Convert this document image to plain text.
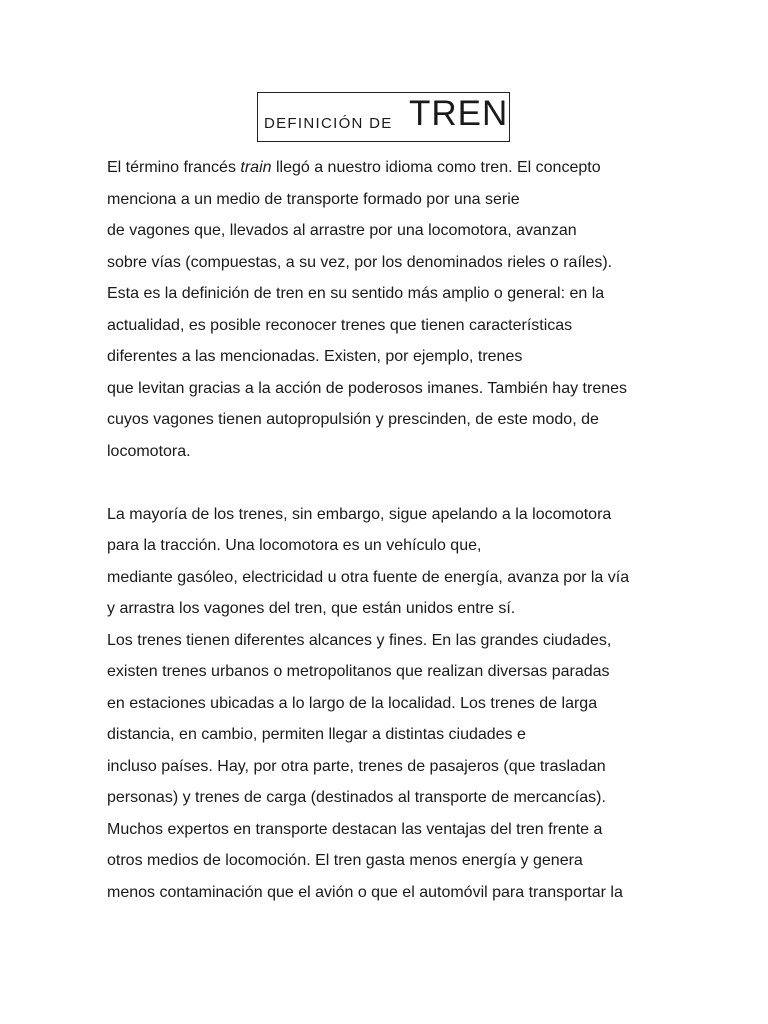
DEFINICIÓN DE TREN
El término francés train llegó a nuestro idioma como tren. El concepto
menciona a un medio de transporte formado por una serie
de vagones que, llevados al arrastre por una locomotora, avanzan
sobre vías (compuestas, a su vez, por los denominados rieles o raíles).
Esta es la definición de tren en su sentido más amplio o general: en la
actualidad, es posible reconocer trenes que tienen características
diferentes a las mencionadas. Existen, por ejemplo, trenes
que levitan gracias a la acción de poderosos imanes. También hay trenes
cuyos vagones tienen autopropulsión y prescinden, de este modo, de
locomotora.
La mayoría de los trenes, sin embargo, sigue apelando a la locomotora
para la tracción. Una locomotora es un vehículo que,
mediante gasóleo, electricidad u otra fuente de energía, avanza por la vía
y arrastra los vagones del tren, que están unidos entre sí.
Los trenes tienen diferentes alcances y fines. En las grandes ciudades,
existen trenes urbanos o metropolitanos que realizan diversas paradas
en estaciones ubicadas a lo largo de la localidad. Los trenes de larga
distancia, en cambio, permiten llegar a distintas ciudades e
incluso países. Hay, por otra parte, trenes de pasajeros (que trasladan
personas) y trenes de carga (destinados al transporte de mercancías).
Muchos expertos en transporte destacan las ventajas del tren frente a
otros medios de locomoción. El tren gasta menos energía y genera
menos contaminación que el avión o que el automóvil para transportar la
